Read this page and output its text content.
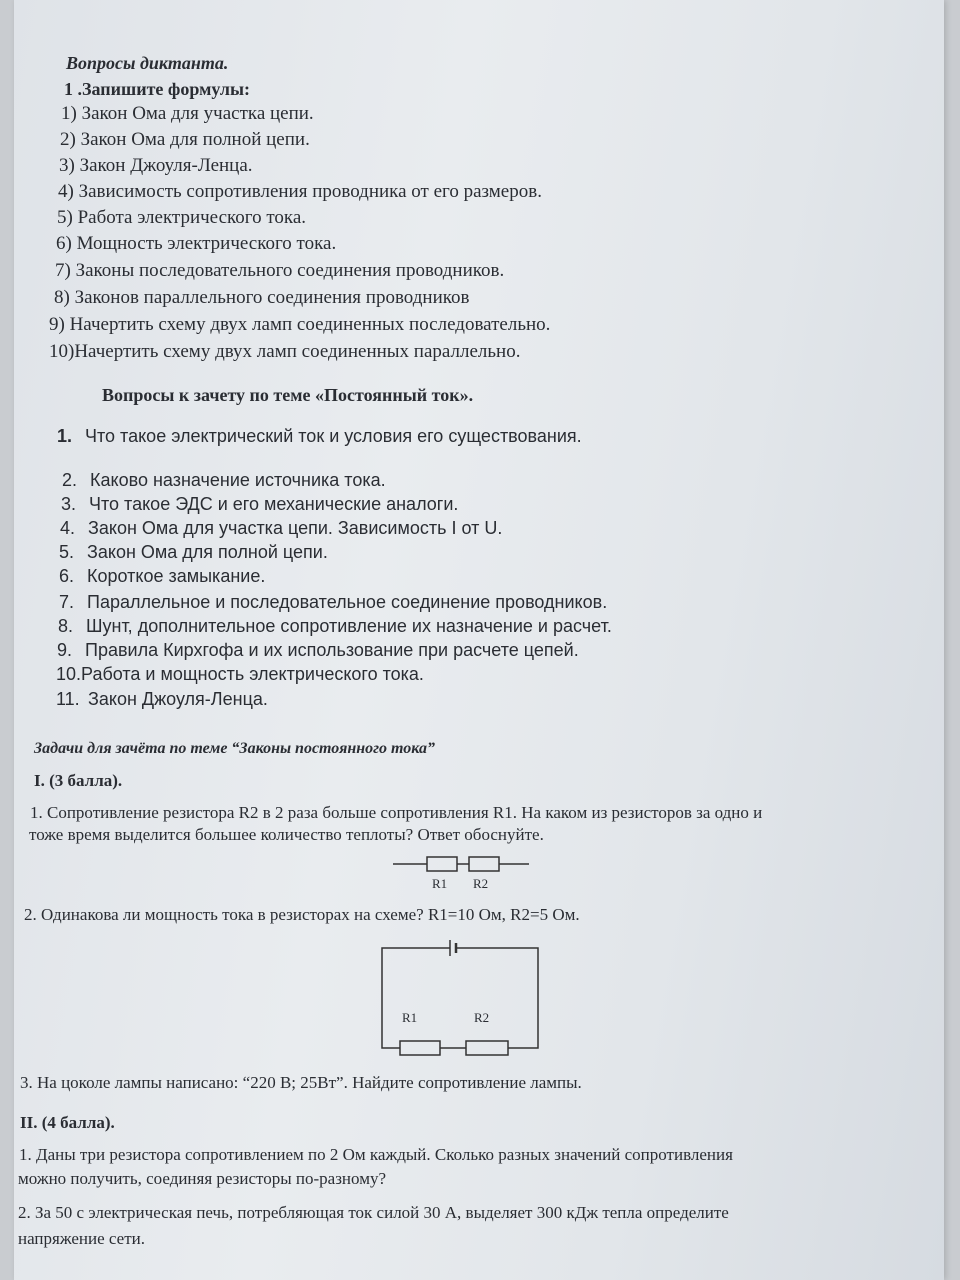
Вопросы диктанта.
1 .Запишите формулы:
1) Закон Ома для участка цепи.
2) Закон Ома для полной цепи.
3) Закон Джоуля-Ленца.
4) Зависимость сопротивления проводника от его размеров.
5) Работа электрического тока.
6) Мощность электрического тока.
7) Законы последовательного соединения проводников.
8) Законов параллельного соединения проводников
9) Начертить схему двух ламп соединенных последовательно.
10)Начертить схему двух ламп соединенных параллельно.
Вопросы к зачету по теме «Постоянный ток».
1. Что такое электрический ток и условия его существования.
2. Каково назначение источника тока.
3. Что такое ЭДС и его механические аналоги.
4. Закон Ома для участка цепи. Зависимость I от U.
5. Закон Ома для полной цепи.
6. Короткое замыкание.
7. Параллельное и последовательное соединение проводников.
8. Шунт, дополнительное сопротивление их назначение и расчет.
9. Правила Кирхгофа и их использование при расчете цепей.
10.Работа и мощность электрического тока.
11. Закон Джоуля-Ленца.
Задачи для зачёта по теме “Законы постоянного тока”
I. (3 балла).
1. Сопротивление резистора R2 в 2 раза больше сопротивления R1. На каком из резисторов за одно и
тоже время выделится большее количество теплоты? Ответ обоснуйте.
R1 R2
2. Одинакова ли мощность тока в резисторах на схеме? R1=10 Ом, R2=5 Ом.
R1	R2
3. На цоколе лампы написано: “220 В; 25Вт”. Найдите сопротивление лампы.
II. (4 балла).
1. Даны три резистора сопротивлением по 2 Ом каждый. Сколько разных значений сопротивления
можно получить, соединяя резисторы по-разному?
2. За 50 с электрическая печь, потребляющая ток силой 30 А, выделяет 300 кДж тепла определите
напряжение сети.
